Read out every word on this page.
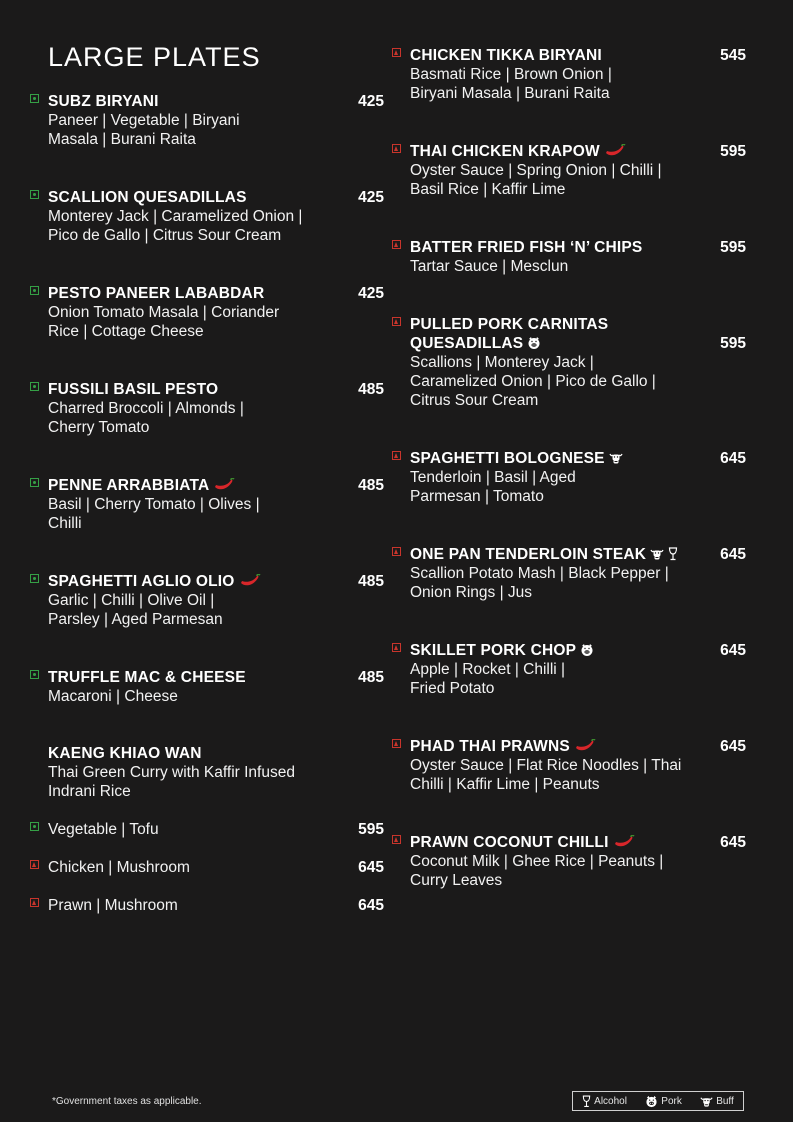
LARGE PLATES
SUBZ BIRYANI	425
Paneer | Vegetable | Biryani
Masala | Burani Raita
SCALLION QUESADILLAS	425
Monterey Jack | Caramelized Onion |
Pico de Gallo | Citrus Sour Cream
PESTO PANEER LABABDAR	425
Onion Tomato Masala | Coriander
Rice | Cottage Cheese
FUSSILI BASIL PESTO	485
Charred Broccoli | Almonds |
Cherry Tomato
PENNE ARRABBIATA	485
Basil | Cherry Tomato | Olives |
Chilli
SPAGHETTI AGLIO OLIO	485
Garlic | Chilli | Olive Oil |
Parsley | Aged Parmesan
TRUFFLE MAC & CHEESE	485
Macaroni | Cheese
KAENG KHIAO WAN
Thai Green Curry with Kaffir Infused
Indrani Rice
Vegetable | Tofu	595
Chicken | Mushroom	645
Prawn | Mushroom	645
CHICKEN TIKKA BIRYANI	545
Basmati Rice | Brown Onion |
Biryani Masala | Burani Raita
THAI CHICKEN KRAPOW	595
Oyster Sauce | Spring Onion | Chilli |
Basil Rice | Kaffir Lime
BATTER FRIED FISH ‘N’ CHIPS	595
Tartar Sauce | Mesclun
PULLED PORK CARNITAS
QUESADILLAS	595
Scallions | Monterey Jack |
Caramelized Onion | Pico de Gallo |
Citrus Sour Cream
SPAGHETTI BOLOGNESE	645
Tenderloin | Basil | Aged
Parmesan | Tomato
ONE PAN TENDERLOIN STEAK	645
Scallion Potato Mash | Black Pepper |
Onion Rings | Jus
SKILLET PORK CHOP	645
Apple | Rocket | Chilli |
Fried Potato
PHAD THAI PRAWNS	645
Oyster Sauce | Flat Rice Noodles | Thai
Chilli | Kaffir Lime | Peanuts
PRAWN COCONUT CHILLI	645
Coconut Milk | Ghee Rice | Peanuts |
Curry Leaves
*Government taxes as applicable.	Alcohol	Pork	Buff
